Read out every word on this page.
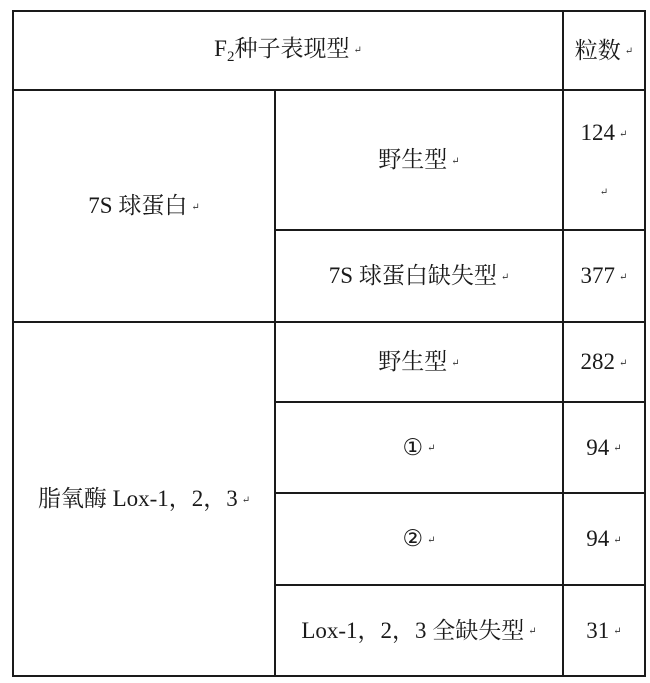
$F_2$种子表现型 ↵		粒数 ↵
7S 球蛋白 ↵	野生型 ↵	124 ↵
↵

	7S 球蛋白缺失型 ↵	377 ↵
脂氧酶 Lox-1，2，3 ↵	野生型 ↵	282 ↵
	① ↵	94 ↵
	② ↵	94 ↵
	Lox-1，2，3 全缺失型 ↵	31 ↵
